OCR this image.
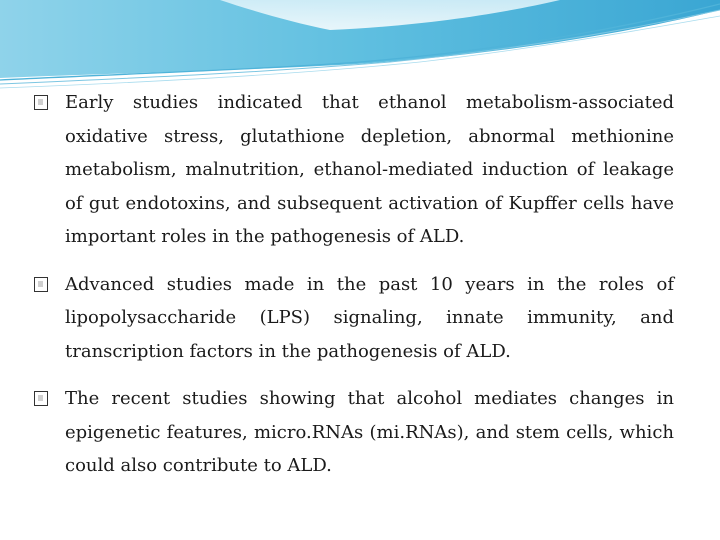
Early studies indicated that ethanol metabolism-associated oxidative stress, glutathione depletion, abnormal methionine metabolism, malnutrition, ethanol-mediated induction of leakage of gut endotoxins, and subsequent activation of Kupffer cells have important roles in the pathogenesis of ALD.
Advanced studies made in the past 10 years in the roles of lipopolysaccharide (LPS) signaling, innate immunity, and transcription factors in the pathogenesis of ALD.
The recent studies showing that alcohol mediates changes in epigenetic features, micro.RNAs (mi.RNAs), and stem cells, which could also contribute to ALD.
